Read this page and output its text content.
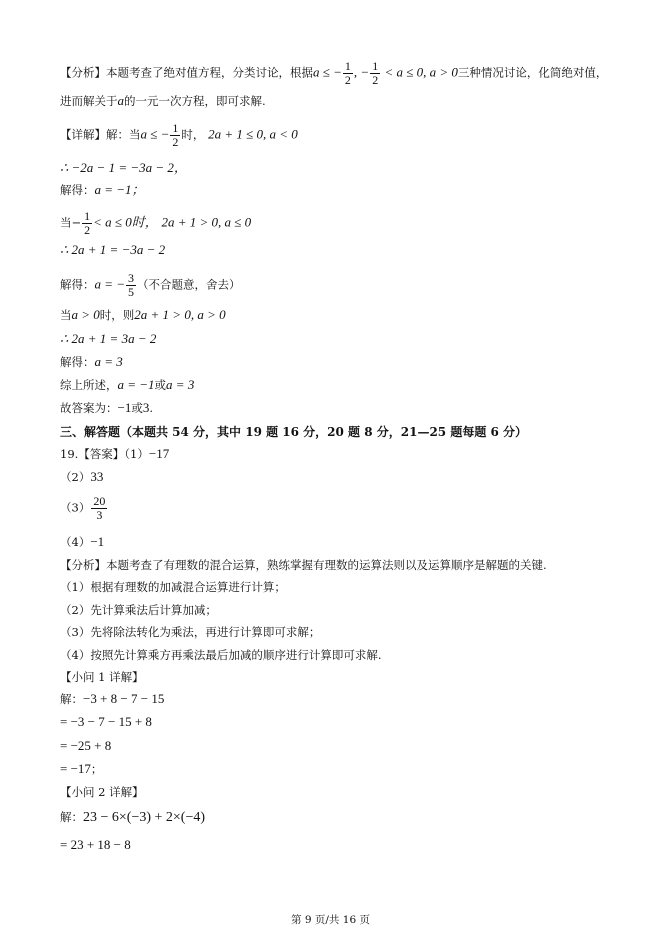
【分析】本题考查了绝对值方程，分类讨论，根据a ≤ − $\frac{1}{2}$ , − $\frac{1}{2} < a \le 0$, a > 0三种情况讨论，化简绝对值，
进而解关于a的一元一次方程，即可求解.
【详解】解：当a ≤ − $\frac{1}{2}$ 时， 2a + 1 ≤ 0, a < 0
∴ −2a − 1 = −3a − 2，
解得：a = −1；
当− $\frac{1}{2} < a \le 0$时， 2a + 1 > 0, a ≤ 0
∴ 2a + 1 = −3a − 2
解得：a = − $\frac{3}{5}$ （不合题意，舍去）
当a > 0时，则2a + 1 > 0, a > 0
∴ 2a + 1 = 3a − 2
解得：a = 3
综上所述，a = −1或a = 3
故答案为：−1或3.
三、解答题（本题共 54 分，其中 19 题 16 分，20 题 8 分，21—25 题每题 6 分）
19.【答案】（1）−17
（2）33
$(3) \frac{20}{3}$
（4）−1
【分析】本题考查了有理数的混合运算，熟练掌握有理数的运算法则以及运算顺序是解题的关键.
（1）根据有理数的加减混合运算进行计算；
（2）先计算乘法后计算加减；
（3）先将除法转化为乘法，再进行计算即可求解；
（4）按照先计算乘方再乘法最后加减的顺序进行计算即可求解.
【小问 1 详解】
解：−3 + 8 − 7 − 15
= −3 − 7 − 15 + 8
= −25 + 8
= −17；
【小问 2 详解】
解：23 − 6×(−3) + 2×(−4)
= 23 + 18 − 8
第 9 页/共 16 页
